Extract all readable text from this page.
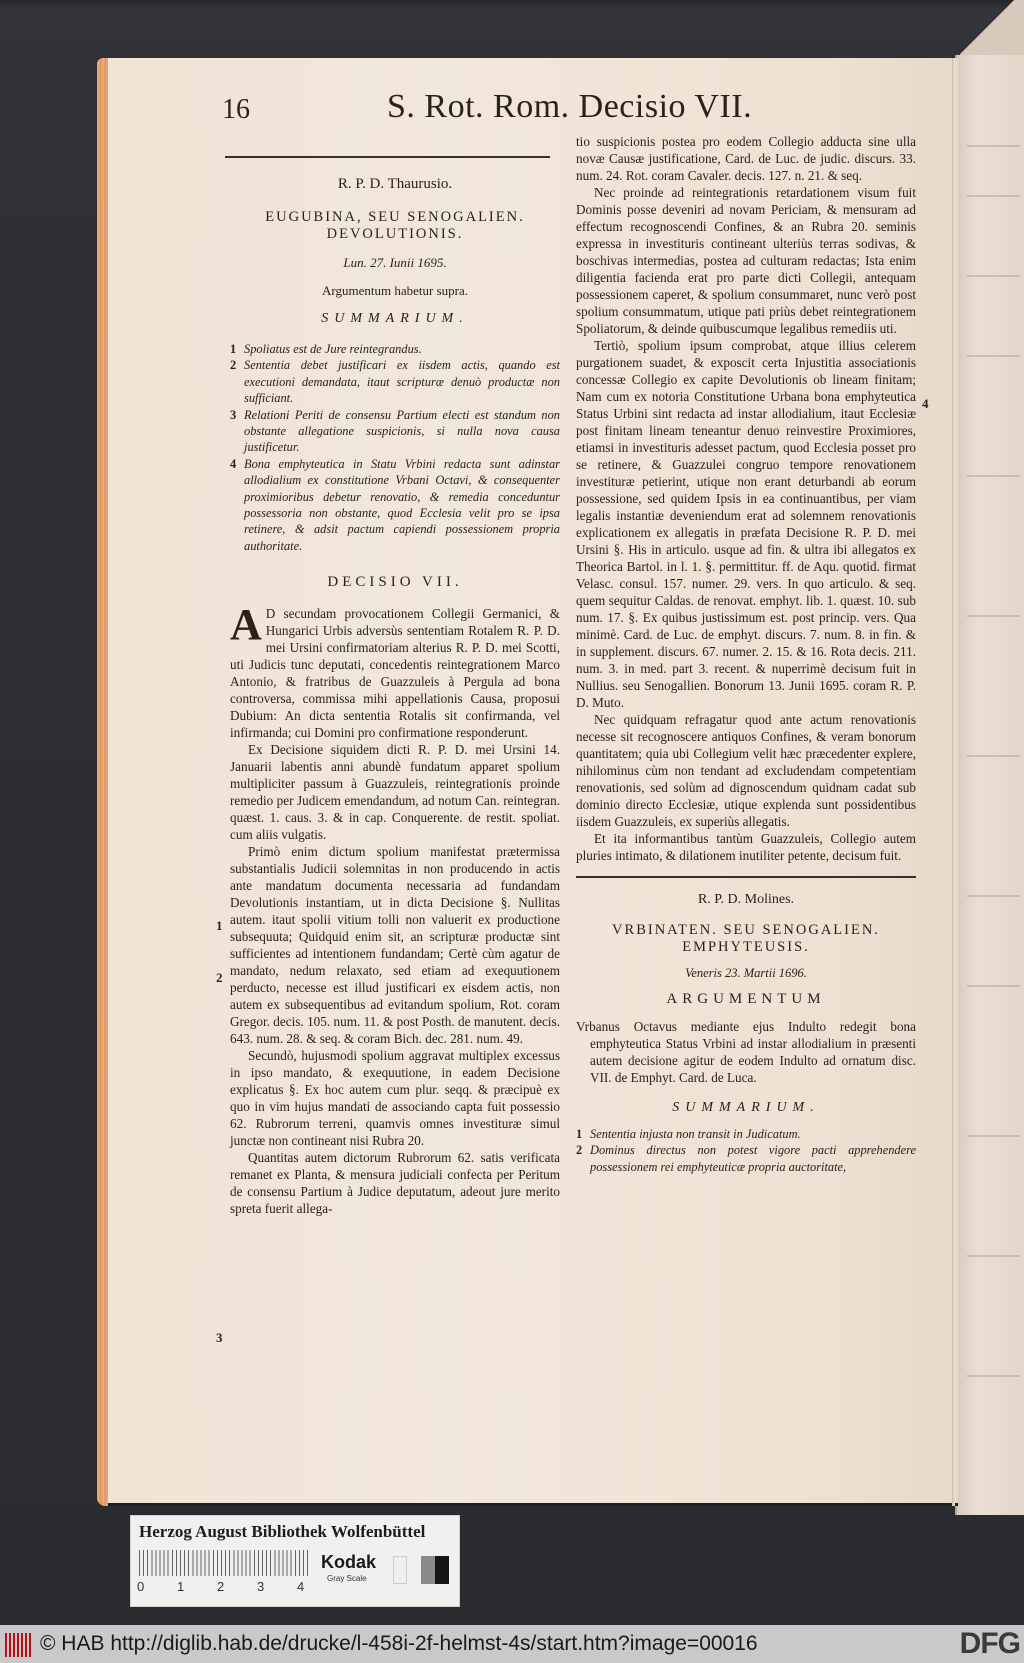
16	S. Rot. Rom. Decisio VII.
R. P. D. Thaurusio.
EUGUBINA, SEU SENOGALIEN.
DEVOLUTIONIS.
Lun. 27. Iunii 1695.
Argumentum habetur supra.
SUMMARIUM.
1 Spoliatus est de Jure reintegrandus.
2 Sententia debet justificari ex iisdem actis, quando est executioni demandata, itaut scripturæ denuò productæ non sufficiant.
3 Relationi Periti de consensu Partium electi est standum non obstante allegatione suspicionis, si nulla nova causa justificetur.
4 Bona emphyteutica in Statu Vrbini redacta sunt adinstar allodialium ex constitutione Vrbani Octavi, & consequenter proximioribus debetur renovatio, & remedia conceduntur possessoria non obstante, quod Ecclesia velit pro se ipsa retinere, & adsit pactum capiendi possessionem propria authoritate.
DECISIO VII.
A D secundam provocationem Collegii Germanici, & Hungarici Urbis adversùs sententiam Rotalem R. P. D. mei Ursini confirmatoriam alterius R. P. D. mei Scotti, uti Judicis tunc deputati, concedentis reintegrationem Marco Antonio, & fratribus de Guazzuleis à Pergula ad bona controversa, commissa mihi appellationis Causa, proposui Dubium: An dicta sententia Rotalis sit confirmanda, vel infirmanda; cui Domini pro confirmatione responderunt.
Ex Decisione siquidem dicti R. P. D. mei Ursini 14. Januarii labentis anni abundè fundatum apparet spolium multipliciter passum à Guazzuleis, reintegrationis proinde remedio per Judicem emendandum, ad notum Can. reintegran. quæst. 1. caus. 3. & in cap. Conquerente. de restit. spoliat. cum aliis vulgatis.
Primò enim dictum spolium manifestat prætermissa substantialis Judicii solemnitas in non producendo in actis ante mandatum documenta necessaria ad fundandam Devolutionis instantiam, ut in dicta Decisione §. Nullitas autem. itaut spolii vitium tolli non valuerit ex productione subsequuta; Quidquid enim sit, an scripturæ productæ sint sufficientes ad intentionem fundandam; Certè cùm agatur de mandato, nedum relaxato, sed etiam ad exequutionem perducto, necesse est illud justificari ex eisdem actis, non autem ex subsequentibus ad evitandum spolium, Rot. coram Gregor. decis. 105. num. 11. & post Posth. de manutent. decis. 643. num. 28. & seq. & coram Bich. dec. 281. num. 49.
Secundò, hujusmodi spolium aggravat multiplex excessus in ipso mandato, & exequutione, in eadem Decisione explicatus §. Ex hoc autem cum plur. seqq. & præcipuè ex quo in vim hujus mandati de associando capta fuit possessio 62. Rubrorum terreni, quamvis omnes investituræ simul junctæ non contineant nisi Rubra 20.
Quantitas autem dictorum Rubrorum 62. satis verificata remanet ex Planta, & mensura judiciali confecta per Peritum de consensu Partium à Judice deputatum, adeout jure merito spreta fuerit allega-
1
2
3
4
tio suspicionis postea pro eodem Collegio adducta sine ulla novæ Causæ justificatione, Card. de Luc. de judic. discurs. 33. num. 24. Rot. coram Cavaler. decis. 127. n. 21. & seq.
Nec proinde ad reintegrationis retardationem visum fuit Dominis posse deveniri ad novam Periciam, & mensuram ad effectum recognoscendi Confines, & an Rubra 20. seminis expressa in investituris contineant ulteriùs terras sodivas, & boschivas intermedias, postea ad culturam redactas; Ista enim diligentia facienda erat pro parte dicti Collegii, antequam possessionem caperet, & spolium consummaret, nunc verò post spolium consummatum, utique pati priùs debet reintegrationem Spoliatorum, & deinde quibuscumque legalibus remediis uti.
Tertiò, spolium ipsum comprobat, atque illius celerem purgationem suadet, & exposcit certa Injustitia associationis concessæ Collegio ex capite Devolutionis ob lineam finitam; Nam cum ex notoria Constitutione Urbana bona emphyteutica Status Urbini sint redacta ad instar allodialium, itaut Ecclesiæ post finitam lineam teneantur denuo reinvestire Proximiores, etiamsi in investituris adesset pactum, quod Ecclesia posset pro se retinere, & Guazzulei congruo tempore renovationem investituræ petierint, utique non erant deturbandi ab eorum possessione, sed quidem Ipsis in ea continuantibus, per viam legalis instantiæ deveniendum erat ad solemnem renovationis explicationem ex allegatis in præfata Decisione R. P. D. mei Ursini §. His in articulo. usque ad fin. & ultra ibi allegatos ex Theorica Bartol. in l. 1. §. permittitur. ff. de Aqu. quotid. firmat Velasc. consul. 157. numer. 29. vers. In quo articulo. & seq. quem sequitur Caldas. de renovat. emphyt. lib. 1. quæst. 10. sub num. 17. §. Ex quibus justissimum est. post princip. vers. Qua minimè. Card. de Luc. de emphyt. discurs. 7. num. 8. in fin. & in supplement. discurs. 67. numer. 2. 15. & 16. Rota decis. 211. num. 3. in med. part 3. recent. & nuperrimè decisum fuit in Nullius. seu Senogallien. Bonorum 13. Junii 1695. coram R. P. D. Muto.
Nec quidquam refragatur quod ante actum renovationis necesse sit recognoscere antiquos Confines, & veram bonorum quantitatem; quia ubi Collegium velit hæc præcedenter explere, nihilominus cùm non tendant ad excludendam competentiam renovationis, sed solùm ad dignoscendum quidnam cadat sub dominio directo Ecclesiæ, utique explenda sunt possidentibus iisdem Guazzuleis, ex superiùs allegatis.
Et ita informantibus tantùm Guazzuleis, Collegio autem pluries intimato, & dilationem inutiliter petente, decisum fuit.
R. P. D. Molines.
VRBINATEN. SEU SENOGALIEN.
EMPHYTEUSIS.
Veneris 23. Martii 1696.
ARGUMENTUM
Vrbanus Octavus mediante ejus Indulto redegit bona emphyteutica Status Vrbini ad instar allodialium in præsenti autem decisione agitur de eodem Indulto ad ornatum disc. VII. de Emphyt. Card. de Luca.
SUMMARIUM.
1 Sententia injusta non transit in Judicatum.
2 Dominus directus non potest vigore pacti apprehendere possessionem rei emphyteuticæ propria auctoritate,
Herzog August Bibliothek Wolfenbüttel
0	1	2	3	4
Kodak
Gray Scale
© HAB http://diglib.hab.de/drucke/l-458i-2f-helmst-4s/start.htm?image=00016	DFG
